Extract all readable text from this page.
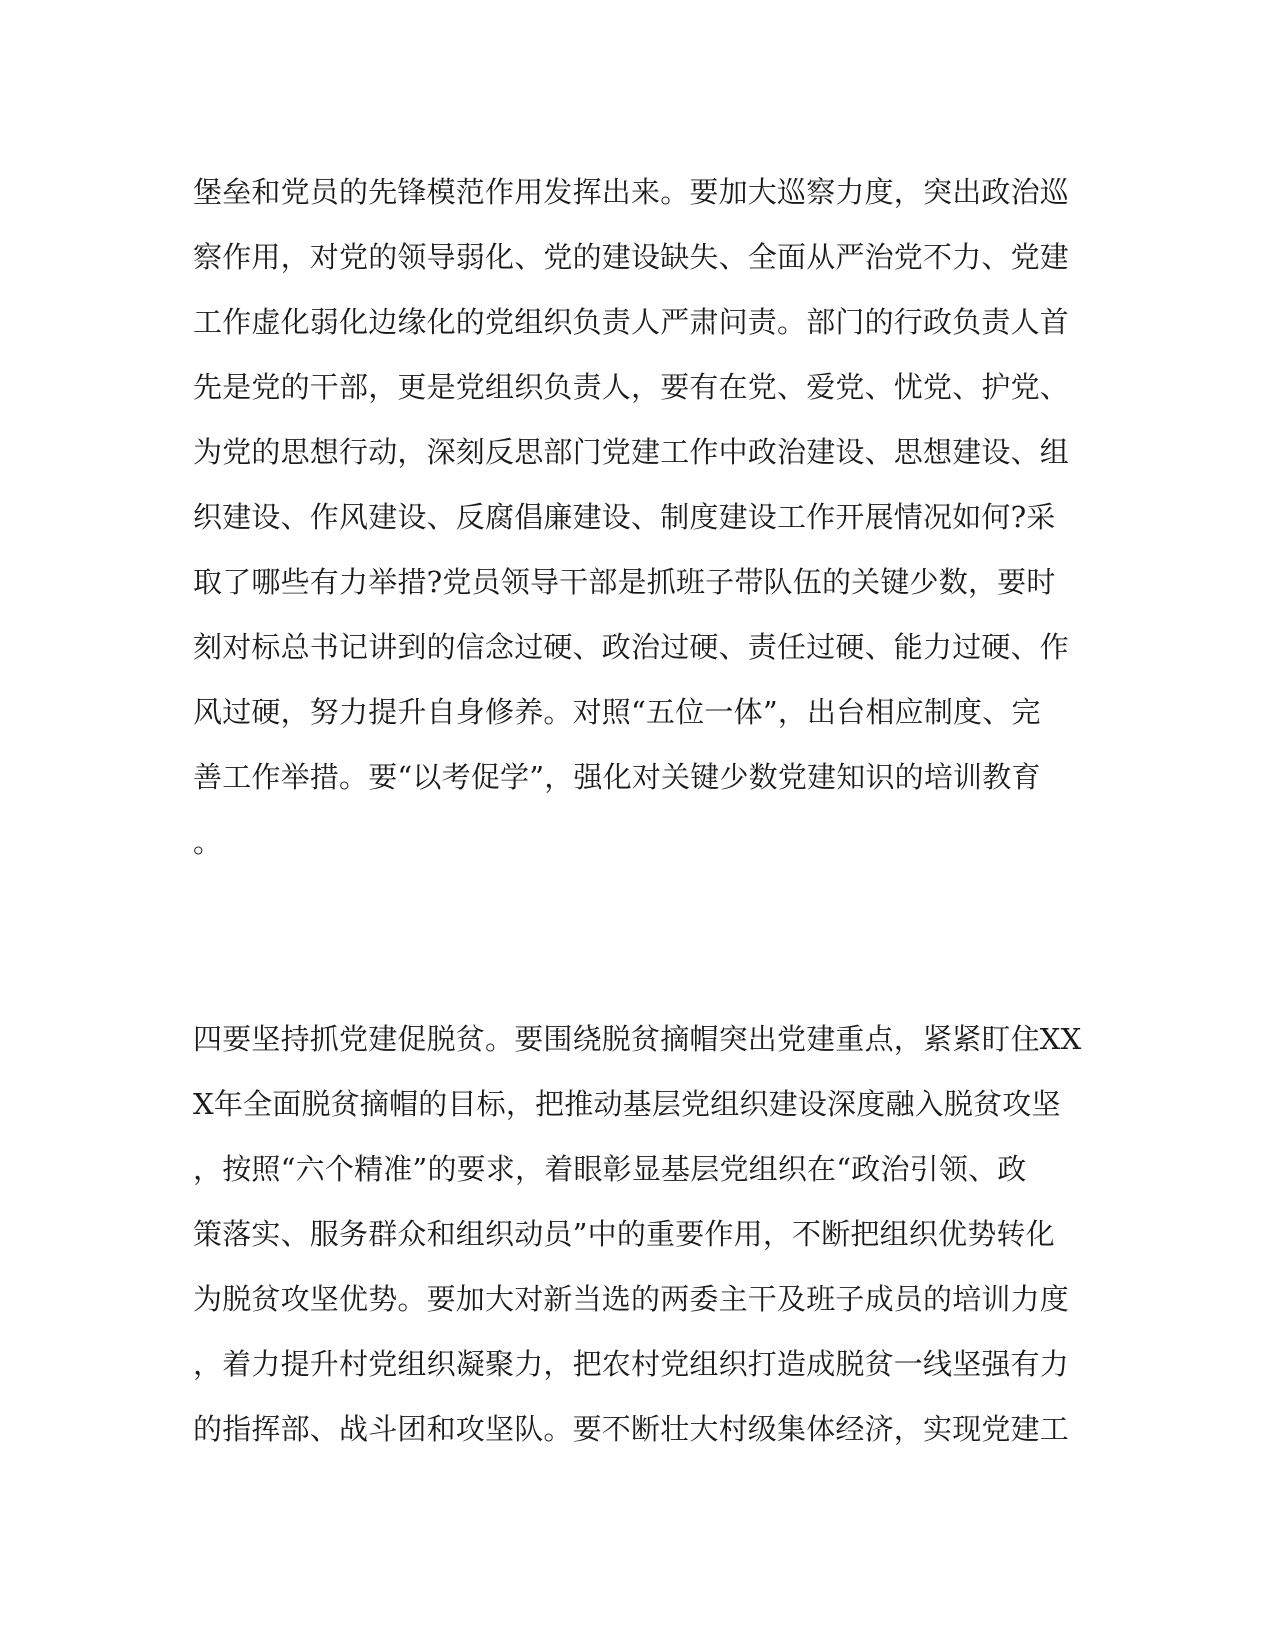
堡垒和党员的先锋模范作用发挥出来。要加大巡察力度，突出政治巡
察作用，对党的领导弱化、党的建设缺失、全面从严治党不力、党建
工作虚化弱化边缘化的党组织负责人严肃问责。部门的行政负责人首
先是党的干部，更是党组织负责人，要有在党、爱党、忧党、护党、
为党的思想行动，深刻反思部门党建工作中政治建设、思想建设、组
织建设、作风建设、反腐倡廉建设、制度建设工作开展情况如何?采
取了哪些有力举措?党员领导干部是抓班子带队伍的关键少数，要时
刻对标总书记讲到的信念过硬、政治过硬、责任过硬、能力过硬、作
风过硬，努力提升自身修养。对照“五位一体”，出台相应制度、完
善工作举措。要“以考促学”，强化对关键少数党建知识的培训教育
。
四要坚持抓党建促脱贫。要围绕脱贫摘帽突出党建重点，紧紧盯住XX
X年全面脱贫摘帽的目标，把推动基层党组织建设深度融入脱贫攻坚
，按照“六个精准”的要求，着眼彰显基层党组织在“政治引领、政
策落实、服务群众和组织动员”中的重要作用，不断把组织优势转化
为脱贫攻坚优势。要加大对新当选的两委主干及班子成员的培训力度
，着力提升村党组织凝聚力，把农村党组织打造成脱贫一线坚强有力
的指挥部、战斗团和攻坚队。要不断壮大村级集体经济，实现党建工
